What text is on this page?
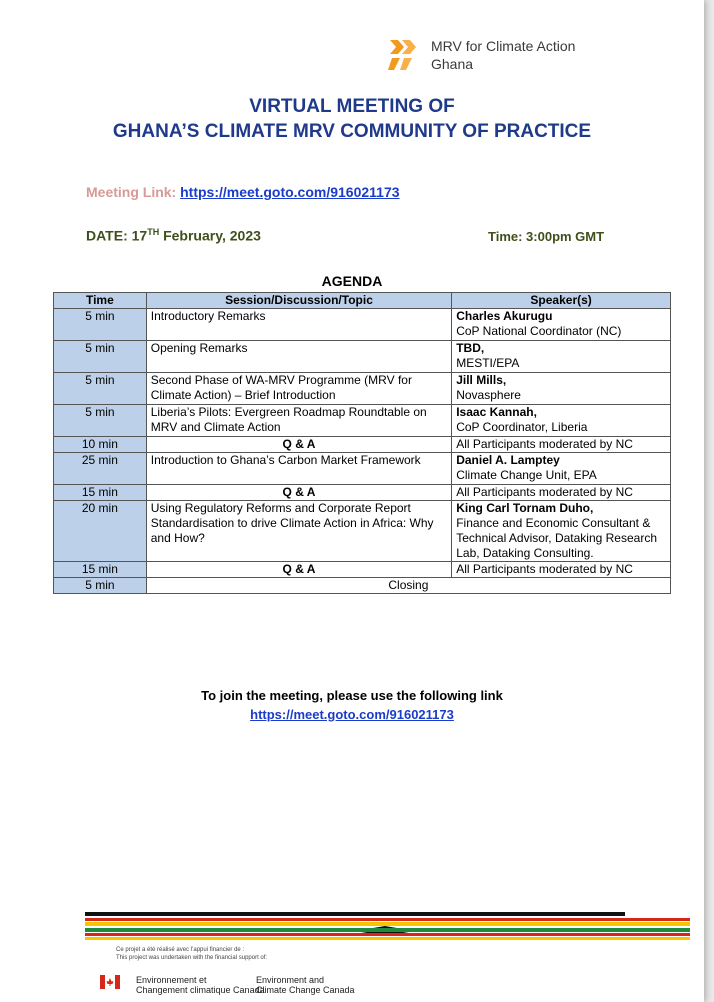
MRV for Climate Action
Ghana
VIRTUAL MEETING OF
GHANA’S CLIMATE MRV COMMUNITY OF PRACTICE
Meeting Link: https://meet.goto.com/916021173
DATE: 17TH February, 2023	Time: 3:00pm GMT
AGENDA
Time	Session/Discussion/Topic	Speaker(s)
5 min	Introductory Remarks	Charles Akurugu
CoP National Coordinator (NC)

5 min	Opening Remarks	TBD,
MESTI/EPA

5 min	Second Phase of WA-MRV Programme (MRV for Climate Action) – Brief Introduction	Jill Mills,
Novasphere

5 min	Liberia’s Pilots: Evergreen Roadmap Roundtable on MRV and Climate Action	Isaac Kannah,
CoP Coordinator, Liberia

10 min	Q & A	All Participants moderated by NC

25 min	Introduction to Ghana’s Carbon Market Framework	Daniel A. Lamptey
Climate Change Unit, EPA

15 min	Q & A	All Participants moderated by NC

20 min	Using Regulatory Reforms and Corporate Report Standardisation to drive Climate Action in Africa: Why and How?	King Carl Tornam Duho,
Finance and Economic Consultant & Technical Advisor, Dataking Research Lab, Dataking Consulting.

15 min	Q & A	All Participants moderated by NC

5 min	Closing	
To join the meeting, please use the following link
https://meet.goto.com/916021173
Ce projet a été réalisé avec l’appui financier de :
This project was undertaken with the financial support of:
Environnement et
Changement climatique Canada
Environment and
Climate Change Canada
